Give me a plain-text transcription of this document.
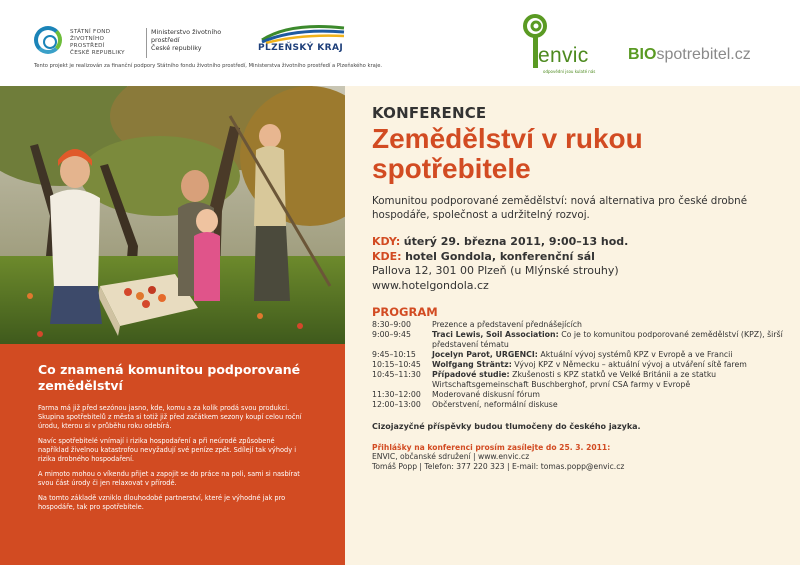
STÁTNÍ FOND
ŽIVOTNÍHO PROSTŘEDÍ
ČESKÉ REPUBLIKY
Ministerstvo životního prostředí
České republiky	PLZEŇSKÝ KRAJ
Tento projekt je realizován za finanční podpory Státního fondu životního prostředí, Ministerstva životního prostředí a Plzeňského kraje.	envic
odpovědní jsou kulaté nás
BIOspotrebitel.cz
Co znamená komunitou podporované zemědělství

Farma má již před sezónou jasno, kde, komu a za kolik prodá svou produkci. Skupina spotřebitelů z města si totiž již před začátkem sezony koupí celou roční úrodu, kterou si v průběhu roku odebírá.

Navíc spotřebitelé vnímají i rizika hospodaření a při neúrodě způsobené například živelnou katastrofou nevyžadují své peníze zpět. Sdílejí tak výhody i rizika drobného hospodaření.

A mimoto mohou o víkendu přijet a zapojit se do práce na poli, sami si nasbírat svou část úrody či jen relaxovat v přírodě.

Na tomto základě vzniklo dlouhodobé partnerství, které je výhodné jak pro hospodáře, tak pro spotřebitele.

KONFERENCE
Zemědělství v rukou
spotřebitele

Komunitou podporované zemědělství: nová alternativa pro české drobné hospodáře, společnost a udržitelný rozvoj.

KDY: úterý 29. března 2011, 9:00–13 hod.
KDE: hotel Gondola, konferenční sál
Pallova 12, 301 00 Plzeň (u Mlýnské strouhy)
www.hotelgondola.cz
PROGRAM
8:30–9:00	Prezence a představení přednášejících
9:00–9:45	Traci Lewis, Soil Association: Co je to komunitou podporované zemědělství (KPZ), širší představení tématu
9:45–10:15	Jocelyn Parot, URGENCI: Aktuální vývoj systémů KPZ v Evropě a ve Francii
10:15–10:45	Wolfgang Sträntz: Vývoj KPZ v Německu – aktuální vývoj a utváření sítě farem
10:45–11:30	Případové studie: Zkušenosti s KPZ statků ve Velké Británii a ze statku Wirtschaftsgemeinschaft Buschberghof, první CSA farmy v Evropě
11:30–12:00	Moderované diskusní fórum
12:00–13:00	Občerstvení, neformální diskuse
Cizojazyčné příspěvky budou tlumočeny do českého jazyka.
Přihlášky na konferenci prosím zasílejte do 25. 3. 2011:
ENVIC, občanské sdružení | www.envic.cz
Tomáš Popp | Telefon: 377 220 323 | E-mail: tomas.popp@envic.cz
